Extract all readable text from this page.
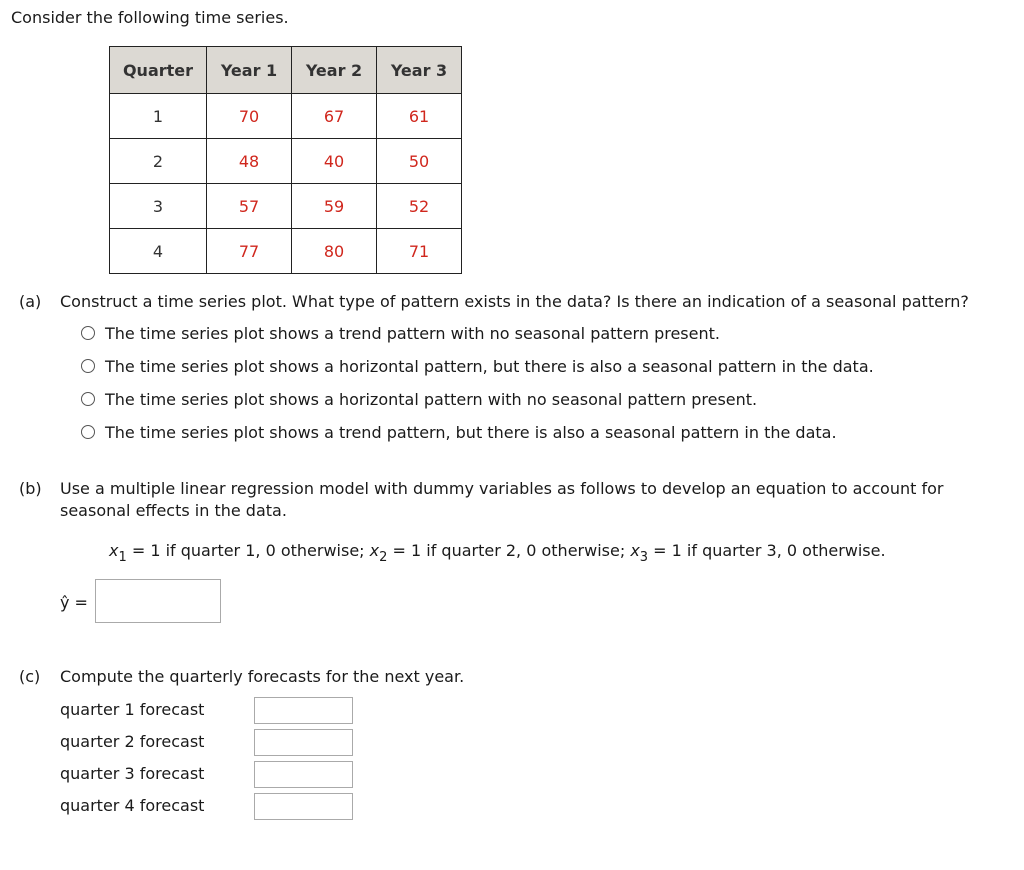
Consider the following time series.
Quarter	Year 1	Year 2	Year 3
1	70	67	61
2	48	40	50
3	57	59	52
4	77	80	71
(a) Construct a time series plot. What type of pattern exists in the data? Is there an indication of a seasonal pattern?
The time series plot shows a trend pattern with no seasonal pattern present.
The time series plot shows a horizontal pattern, but there is also a seasonal pattern in the data.
The time series plot shows a horizontal pattern with no seasonal pattern present.
The time series plot shows a trend pattern, but there is also a seasonal pattern in the data.
(b) Use a multiple linear regression model with dummy variables as follows to develop an equation to account for
seasonal effects in the data.
$x_1 = 1$ if quarter 1, 0 otherwise; $x_2 = 1$ if quarter 2, 0 otherwise; $x_3 = 1$ if quarter 3, 0 otherwise.
ŷ =
(c) Compute the quarterly forecasts for the next year.
quarter 1 forecast
quarter 2 forecast
quarter 3 forecast
quarter 4 forecast
